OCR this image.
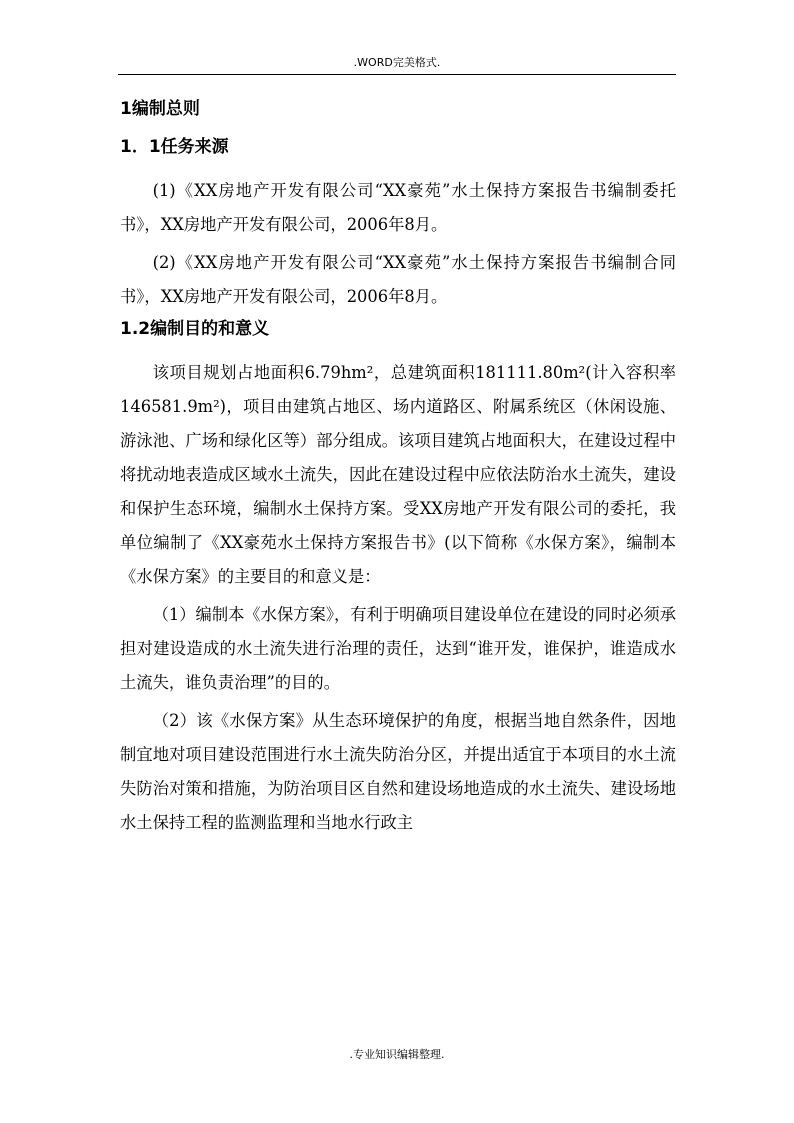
.WORD完美格式.
1编制总则
1．1任务来源

(1)《XX房地产开发有限公司“XX豪苑”水土保持方案报告书编制委托书》，XX房地产开发有限公司，2006年8月。

(2)《XX房地产开发有限公司“XX豪苑”水土保持方案报告书编制合同书》，XX房地产开发有限公司，2006年8月。

1.2编制目的和意义

该项目规划占地面积6.79hm²，总建筑面积181111.80m²(计入容积率146581.9m²)，项目由建筑占地区、场内道路区、附属系统区（休闲设施、游泳池、广场和绿化区等）部分组成。该项目建筑占地面积大，在建设过程中将扰动地表造成区域水土流失，因此在建设过程中应依法防治水土流失，建设和保护生态环境，编制水土保持方案。受XX房地产开发有限公司的委托，我单位编制了《XX豪苑水土保持方案报告书》(以下简称《水保方案》，编制本《水保方案》的主要目的和意义是：

（1）编制本《水保方案》，有利于明确项目建设单位在建设的同时必须承担对建设造成的水土流失进行治理的责任，达到“谁开发，谁保护，谁造成水土流失，谁负责治理”的目的。

（2）该《水保方案》从生态环境保护的角度，根据当地自然条件，因地制宜地对项目建设范围进行水土流失防治分区，并提出适宜于本项目的水土流失防治对策和措施，为防治项目区自然和建设场地造成的水土流失、建设场地水土保持工程的监测监理和当地水行政主

.专业知识编辑整理.
